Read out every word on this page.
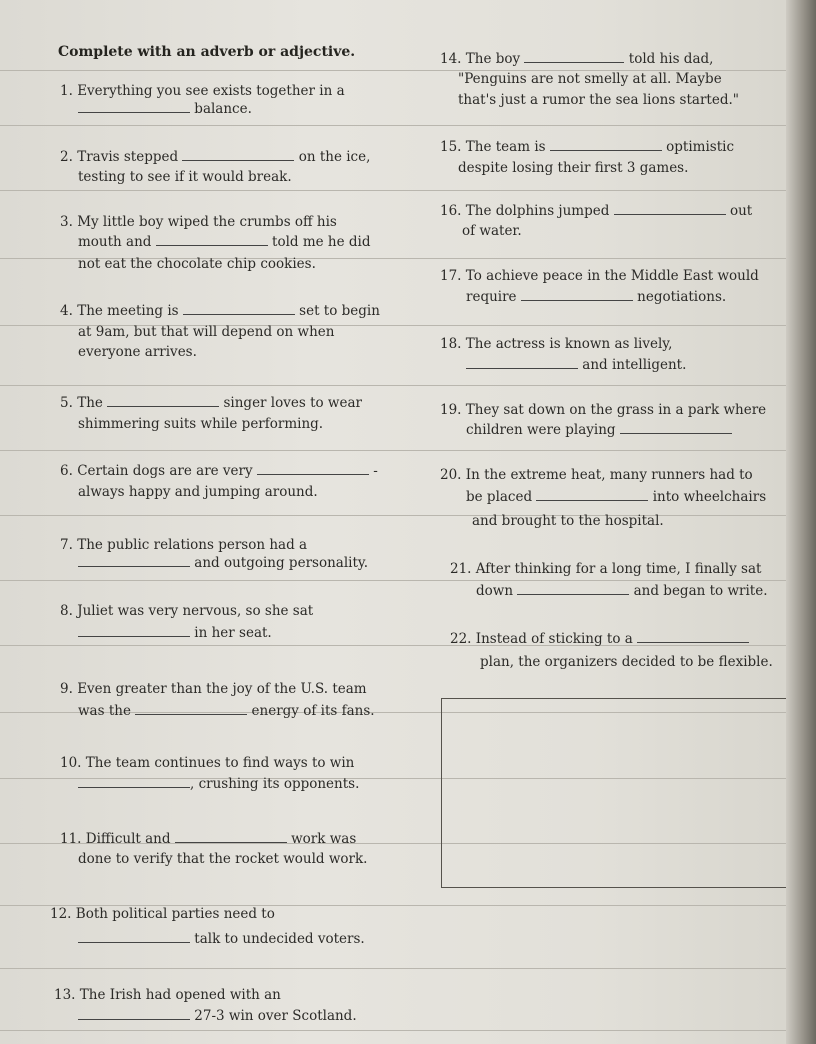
Complete with an adverb or adjective.
1. Everything you see exists together in a
balance.
2. Travis stepped	on the ice,
testing to see if it would break.
3. My little boy wiped the crumbs off his
mouth and	told me he did
not eat the chocolate chip cookies.
4. The meeting is	set to begin
at 9am, but that will depend on when
everyone arrives.
5. The	singer loves to wear
shimmering suits while performing.
6. Certain dogs are are very	-
always happy and jumping around.
7. The public relations person had a
and outgoing personality.
8. Juliet was very nervous, so she sat
in her seat.
9. Even greater than the joy of the U.S. team
was the	energy of its fans.
10. The team continues to find ways to win
, crushing its opponents.
11. Difficult and	work was
done to verify that the rocket would work.
12. Both political parties need to
talk to undecided voters.
13. The Irish had opened with an
27-3 win over Scotland.
14. The boy	told his dad,
"Penguins are not smelly at all. Maybe
that's just a rumor the sea lions started."
15. The team is	optimistic
despite losing their first 3 games.
16. The dolphins jumped	out
of water.
17. To achieve peace in the Middle East would
require	negotiations.
18. The actress is known as lively,
and intelligent.
19. They sat down on the grass in a park where
children were playing
20. In the extreme heat, many runners had to
be placed	into wheelchairs
and brought to the hospital.
21. After thinking for a long time, I finally sat
down	and began to write.
22. Instead of sticking to a
plan, the organizers decided to be flexible.
